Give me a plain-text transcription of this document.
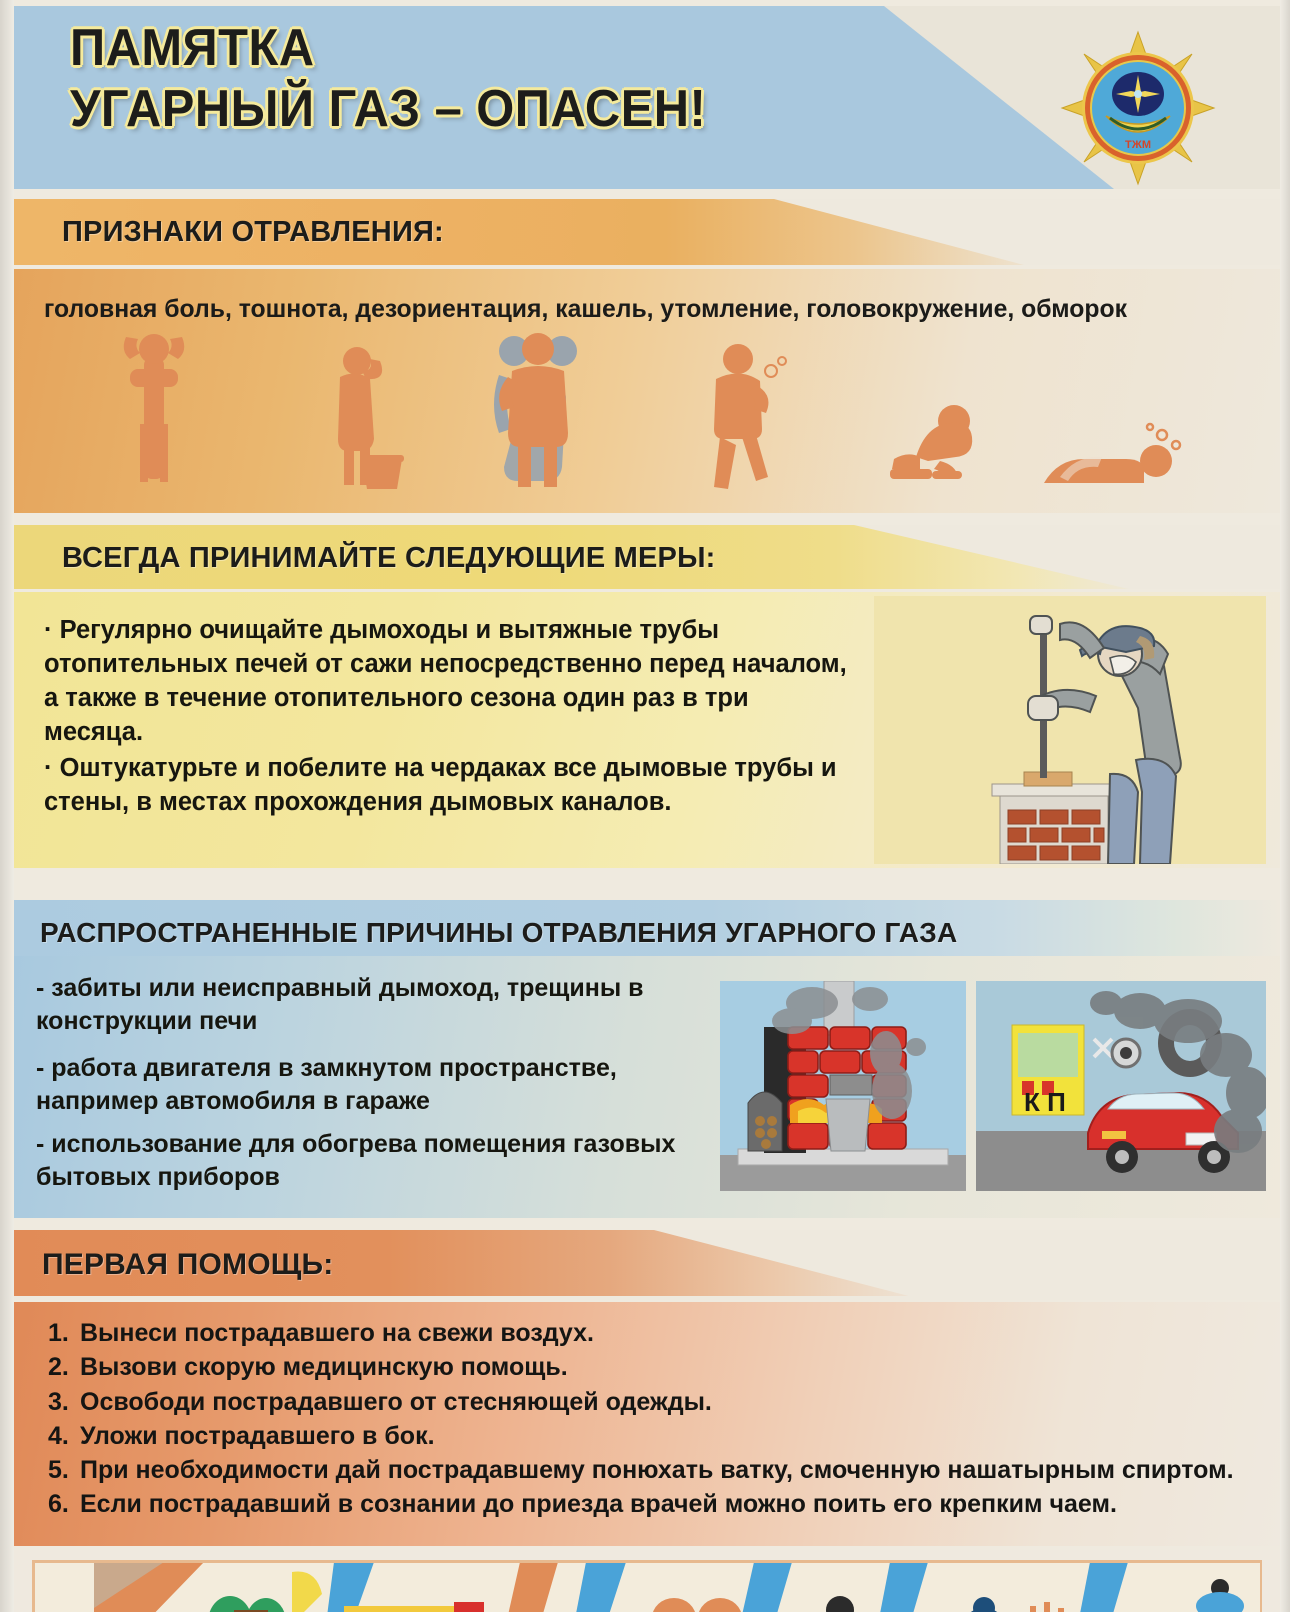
ПАМЯТКА
УГАРНЫЙ ГАЗ – ОПАСЕН!
ТЖМ
ПРИЗНАКИ ОТРАВЛЕНИЯ:
головная боль, тошнота, дезориентация, кашель, утомление, головокружение, обморок
ВСЕГДА ПРИНИМАЙТЕ СЛЕДУЮЩИЕ МЕРЫ:
· Регулярно очищайте дымоходы и вытяжные трубы отопительных печей от сажи непосредственно перед началом, а также в течение отопительного сезона один раз в три месяца.
· Оштукатурьте и побелите на чердаках все дымовые трубы и стены, в местах прохождения дымовых каналов.
РАСПРОСТРАНЕННЫЕ ПРИЧИНЫ ОТРАВЛЕНИЯ УГАРНОГО ГАЗА
- забиты или неисправный дымоход, трещины в конструкции печи
- работа двигателя в замкнутом пространстве, например автомобиля в гараже
- использование для обогрева помещения газовых бытовых приборов
К П
ПЕРВАЯ ПОМОЩЬ:
1. Вынеси пострадавшего на свежи воздух.
2. Вызови скорую медицинскую помощь.
3. Освободи пострадавшего от стесняющей одежды.
4. Уложи пострадавшего в бок.
5. При необходимости дай пострадавшему понюхать ватку, смоченную нашатырным спиртом.
6. Если пострадавший в сознании до приезда врачей можно поить его крепким чаем.
